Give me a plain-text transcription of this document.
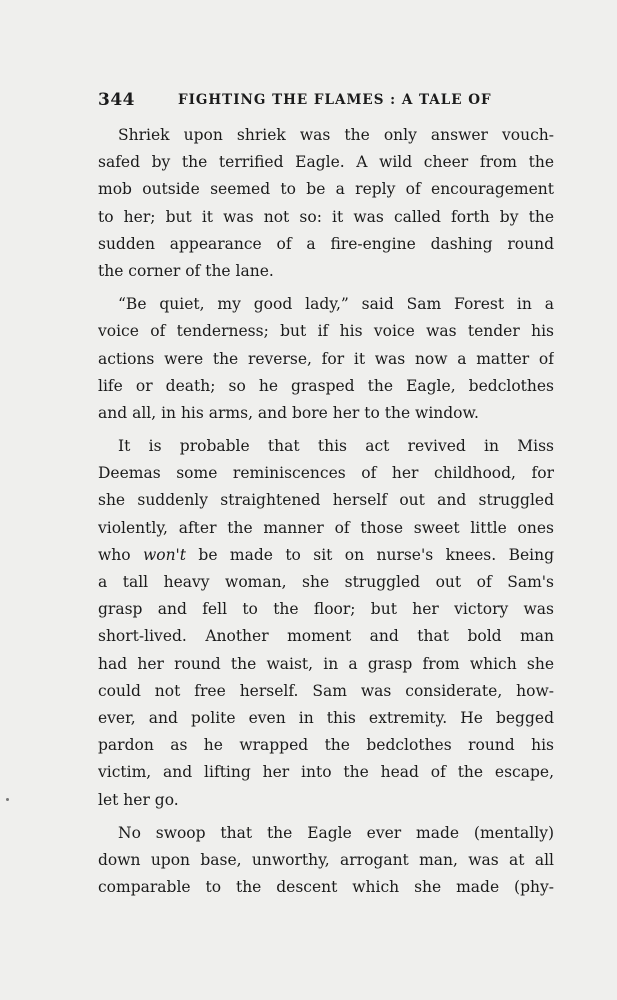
344	FIGHTING THE FLAMES : A TALE OF
Shriek upon shriek was the only answer vouch-
safed by the terrified Eagle. A wild cheer from the
mob outside seemed to be a reply of encouragement
to her; but it was not so: it was called forth by the
sudden appearance of a fire-engine dashing round
the corner of the lane.
“Be quiet, my good lady,” said Sam Forest in a
voice of tenderness; but if his voice was tender his
actions were the reverse, for it was now a matter of
life or death; so he grasped the Eagle, bedclothes
and all, in his arms, and bore her to the window.
It is probable that this act revived in Miss
Deemas some reminiscences of her childhood, for
she suddenly straightened herself out and struggled
violently, after the manner of those sweet little ones
who won't be made to sit on nurse's knees. Being
a tall heavy woman, she struggled out of Sam's
grasp and fell to the floor; but her victory was
short-lived. Another moment and that bold man
had her round the waist, in a grasp from which she
could not free herself. Sam was considerate, how-
ever, and polite even in this extremity. He begged
pardon as he wrapped the bedclothes round his
victim, and lifting her into the head of the escape,
let her go.
No swoop that the Eagle ever made (mentally)
down upon base, unworthy, arrogant man, was at all
comparable to the descent which she made (phy-
